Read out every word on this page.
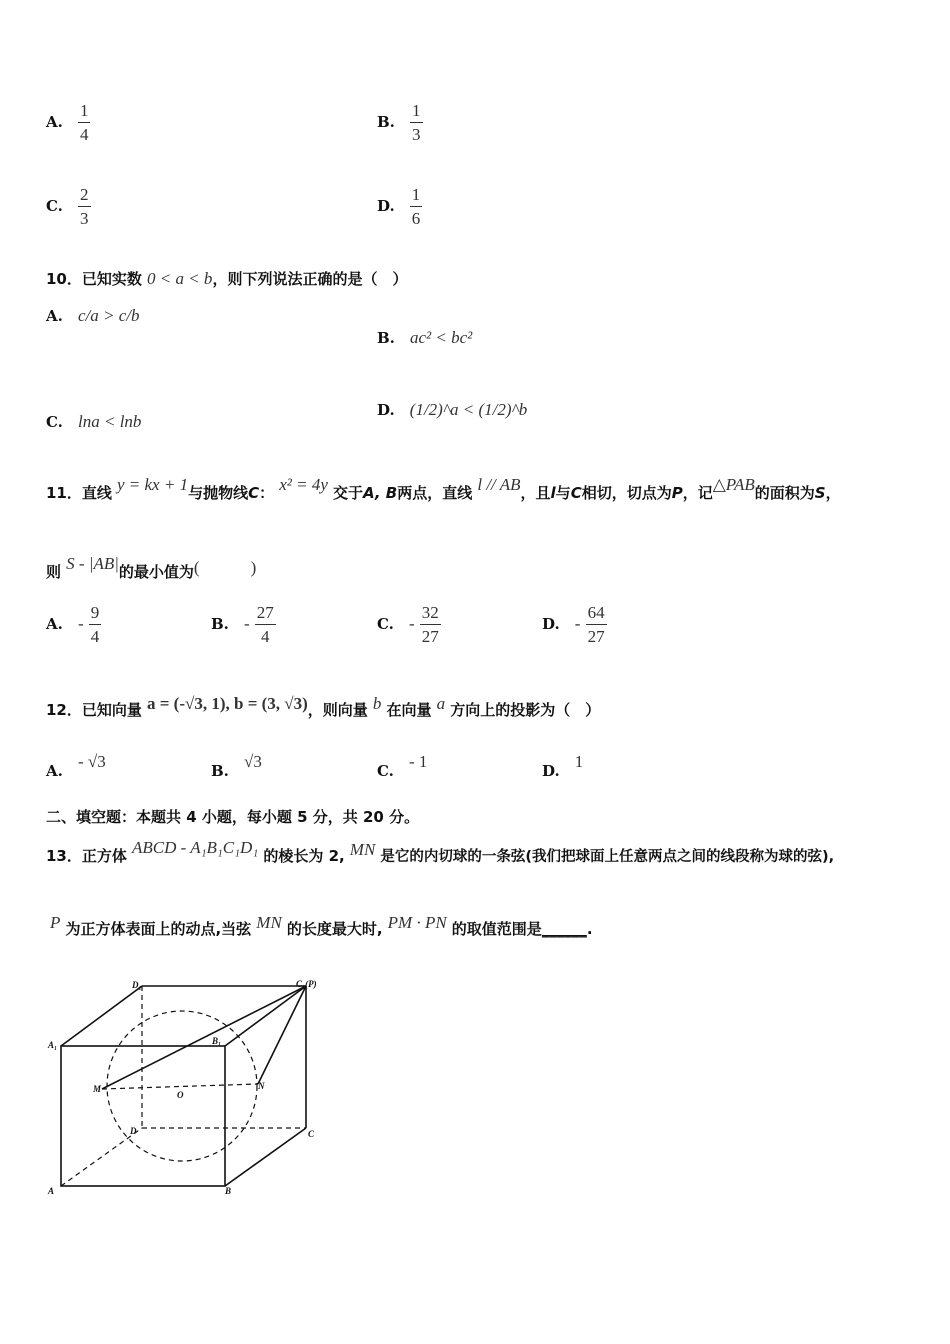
A. $\frac{1}{4}$	B. $\frac{1}{3}$
C. $\frac{2}{3}$	D. $\frac{1}{6}$
10．已知实数 0 < a < b，则下列说法正确的是（　）
A. c/a > c/b
B. ac² < bc²
C. lna < lnb
D. (1/2)^a < (1/2)^b
11．直线 y = kx + 1与抛物线C： x² = 4y 交于A, B两点，直线 l // AB，且l与C相切，切点为P，记△PAB的面积为S，
则 S - |AB|的最小值为(　　　)
A. - $\frac{9}{4}$	B. - $\frac{27}{4}$	C. - $\frac{32}{27}$	D. - $\frac{64}{27}$
12．已知向量 a = (-√3, 1), b = (3, √3)，则向量 b 在向量 a 方向上的投影为（　）
A. - √3	B. √3	C. - 1	D. 1
二、填空题：本题共 4 小题，每小题 5 分，共 20 分。
13．正方体 ABCD - A₁B₁C₁D₁ 的棱长为 2, MN 是它的内切球的一条弦(我们把球面上任意两点之间的线段称为球的弦),
P 为正方体表面上的动点,当弦 MN 的长度最大时, PM · PN 的取值范围是______.
A	B
C
D
A₁	B₁
C₁(P)
D₁
M	N
O
